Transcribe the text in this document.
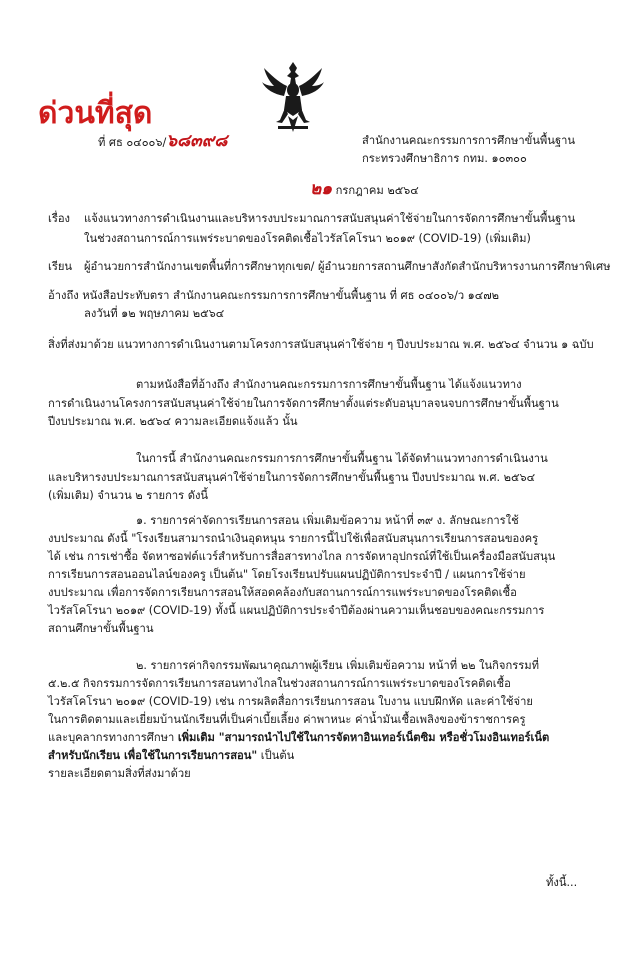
ด่วนที่สุด
ที่ ศธ ๐๔๐๐๖/๖๘๓๙๘	สำนักงานคณะกรรมการการศึกษาขั้นพื้นฐาน
กระทรวงศึกษาธิการ กทม. ๑๐๓๐๐
๒๑ กรกฎาคม ๒๕๖๔
เรื่อง แจ้งแนวทางการดำเนินงานและบริหารงบประมาณการสนับสนุนค่าใช้จ่ายในการจัดการศึกษาขั้นพื้นฐาน
ในช่วงสถานการณ์การแพร่ระบาดของโรคติดเชื้อไวรัสโคโรนา ๒๐๑๙ (COVID-19) (เพิ่มเติม)
เรียน ผู้อำนวยการสำนักงานเขตพื้นที่การศึกษาทุกเขต/ ผู้อำนวยการสถานศึกษาสังกัดสำนักบริหารงานการศึกษาพิเศษ
อ้างถึง หนังสือประทับตรา สำนักงานคณะกรรมการการศึกษาขั้นพื้นฐาน ที่ ศธ ๐๔๐๐๖/ว ๑๔๗๒
ลงวันที่ ๑๒ พฤษภาคม ๒๕๖๔
สิ่งที่ส่งมาด้วย แนวทางการดำเนินงานตามโครงการสนับสนุนค่าใช้จ่าย ๆ ปีงบประมาณ พ.ศ. ๒๕๖๔ จำนวน ๑ ฉบับ
ตามหนังสือที่อ้างถึง สำนักงานคณะกรรมการการศึกษาขั้นพื้นฐาน ได้แจ้งแนวทาง
การดำเนินงานโครงการสนับสนุนค่าใช้จ่ายในการจัดการศึกษาตั้งแต่ระดับอนุบาลจนจบการศึกษาขั้นพื้นฐาน
ปีงบประมาณ พ.ศ. ๒๕๖๔ ความละเอียดแจ้งแล้ว นั้น
ในการนี้ สำนักงานคณะกรรมการการศึกษาขั้นพื้นฐาน ได้จัดทำแนวทางการดำเนินงาน
และบริหารงบประมาณการสนับสนุนค่าใช้จ่ายในการจัดการศึกษาขั้นพื้นฐาน ปีงบประมาณ พ.ศ. ๒๕๖๔
(เพิ่มเติม) จำนวน ๒ รายการ ดังนี้
๑. รายการค่าจัดการเรียนการสอน เพิ่มเติมข้อความ หน้าที่ ๓๙ ง. ลักษณะการใช้
งบประมาณ ดังนี้ "โรงเรียนสามารถนำเงินอุดหนุน รายการนี้ไปใช้เพื่อสนับสนุนการเรียนการสอนของครู
ได้ เช่น การเช่าซื้อ จัดหาซอฟต์แวร์สำหรับการสื่อสารทางไกล การจัดหาอุปกรณ์ที่ใช้เป็นเครื่องมือสนับสนุน
การเรียนการสอนออนไลน์ของครู เป็นต้น" โดยโรงเรียนปรับแผนปฏิบัติการประจำปี / แผนการใช้จ่าย
งบประมาณ เพื่อการจัดการเรียนการสอนให้สอดคล้องกับสถานการณ์การแพร่ระบาดของโรคติดเชื้อ
ไวรัสโคโรนา ๒๐๑๙ (COVID-19) ทั้งนี้ แผนปฏิบัติการประจำปีต้องผ่านความเห็นชอบของคณะกรรมการ
สถานศึกษาขั้นพื้นฐาน
๒. รายการค่ากิจกรรมพัฒนาคุณภาพผู้เรียน เพิ่มเติมข้อความ หน้าที่ ๒๒ ในกิจกรรมที่
๕.๒.๕ กิจกรรมการจัดการเรียนการสอนทางไกลในช่วงสถานการณ์การแพร่ระบาดของโรคติดเชื้อ
ไวรัสโคโรนา ๒๐๑๙ (COVID-19) เช่น การผลิตสื่อการเรียนการสอน ใบงาน แบบฝึกหัด และค่าใช้จ่าย
ในการติดตามและเยี่ยมบ้านนักเรียนที่เป็นค่าเบี้ยเลี้ยง ค่าพาหนะ ค่าน้ำมันเชื้อเพลิงของข้าราชการครู
และบุคลากรทางการศึกษา เพิ่มเติม "สามารถนำไปใช้ในการจัดหาอินเทอร์เน็ตซิม หรือชั่วโมงอินเทอร์เน็ต
สำหรับนักเรียน เพื่อใช้ในการเรียนการสอน" เป็นต้น
รายละเอียดตามสิ่งที่ส่งมาด้วย
ทั้งนี้...
